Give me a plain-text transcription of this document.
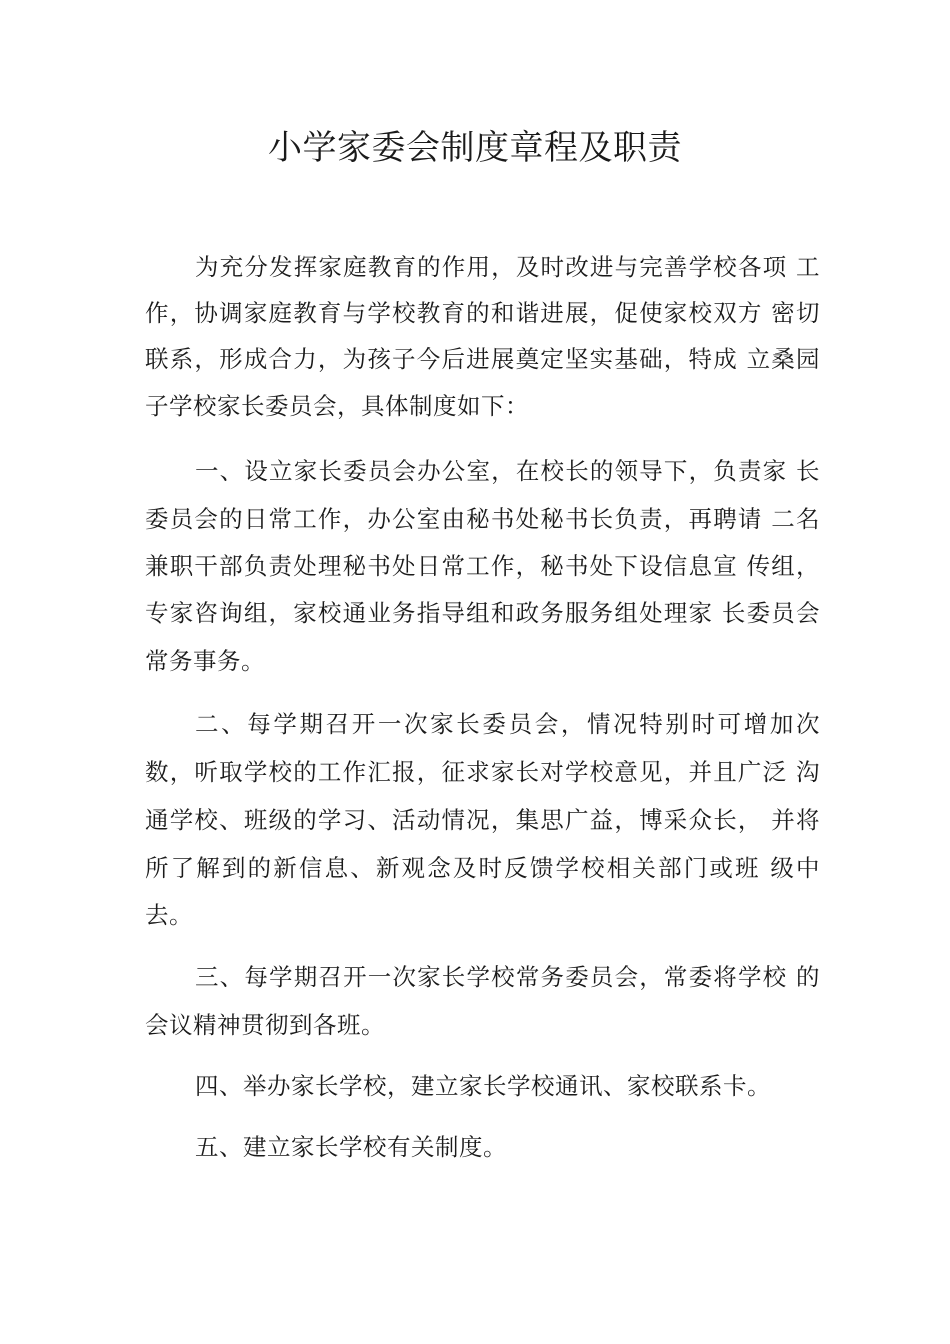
小学家委会制度章程及职责
为充分发挥家庭教育的作用，及时改进与完善学校各项 工
作，协调家庭教育与学校教育的和谐进展，促使家校双方 密切
联系，形成合力，为孩子今后进展奠定坚实基础，特成 立桑园
子学校家长委员会，具体制度如下：
一、设立家长委员会办公室，在校长的领导下，负责家 长
委员会的日常工作，办公室由秘书处秘书长负责，再聘请 二名
兼职干部负责处理秘书处日常工作，秘书处下设信息宣 传组，
专家咨询组，家校通业务指导组和政务服务组处理家 长委员会
常务事务。
二、每学期召开一次家长委员会，情况特别时可增加次
数，听取学校的工作汇报，征求家长对学校意见，并且广泛 沟
通学校、班级的学习、活动情况，集思广益，博采众长， 并将
所了解到的新信息、新观念及时反馈学校相关部门或班 级中
去。
三、每学期召开一次家长学校常务委员会，常委将学校 的
会议精神贯彻到各班。
四、举办家长学校，建立家长学校通讯、家校联系卡。
五、建立家长学校有关制度。
